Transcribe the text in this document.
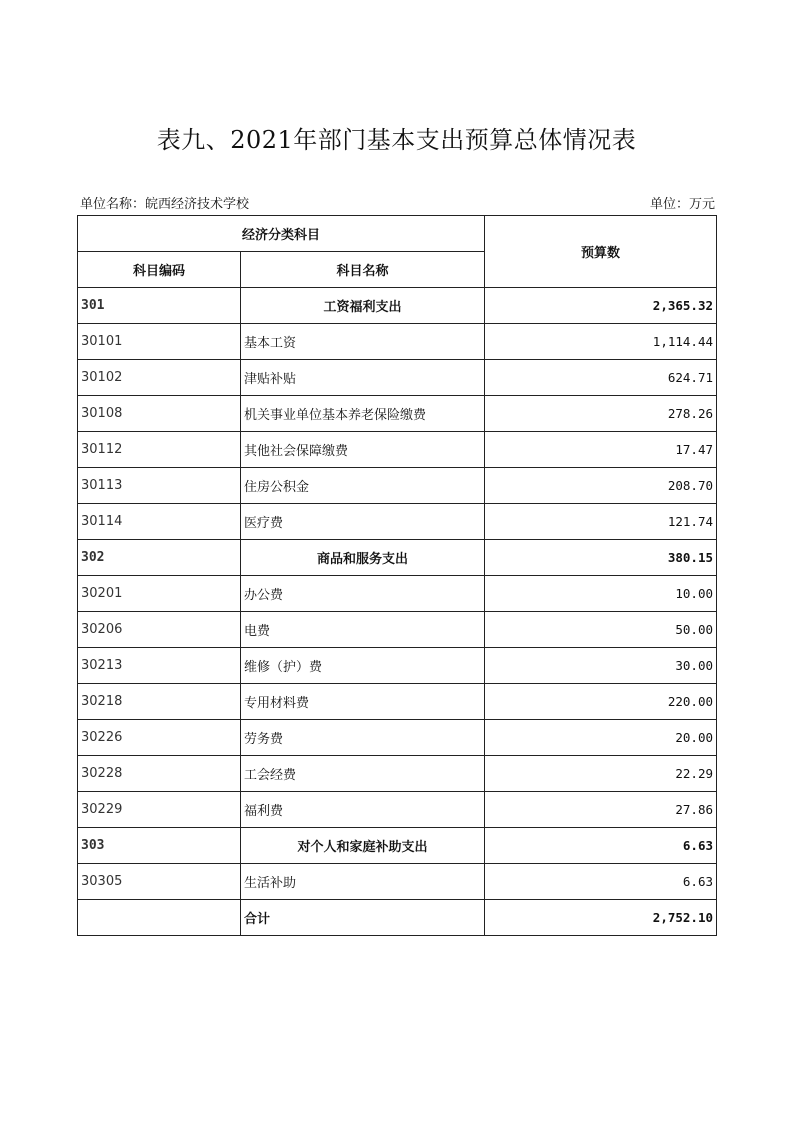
表九、2021年部门基本支出预算总体情况表
单位名称：皖西经济技术学校	单位：万元
经济分类科目		预算数
科目编码	科目名称	
301	工资福利支出	2,365.32
30101	基本工资	1,114.44
30102	津贴补贴	624.71
30108	机关事业单位基本养老保险缴费	278.26
30112	其他社会保障缴费	17.47
30113	住房公积金	208.70
30114	医疗费	121.74
302	商品和服务支出	380.15
30201	办公费	10.00
30206	电费	50.00
30213	维修（护）费	30.00
30218	专用材料费	220.00
30226	劳务费	20.00
30228	工会经费	22.29
30229	福利费	27.86
303	对个人和家庭补助支出	6.63
30305	生活补助	6.63
	合计	2,752.10
